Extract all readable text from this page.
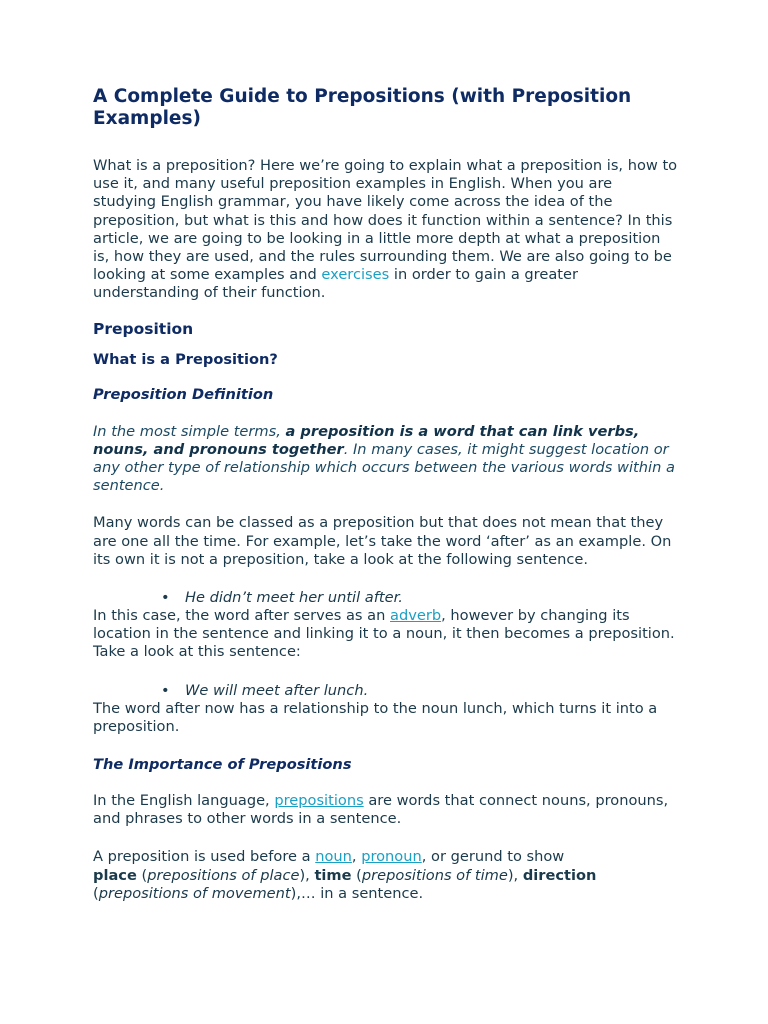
A Complete Guide to Prepositions (with Preposition Examples)

What is a preposition? Here we’re going to explain what a preposition is, how to use it, and many useful preposition examples in English. When you are studying English grammar, you have likely come across the idea of the preposition, but what is this and how does it function within a sentence? In this article, we are going to be looking in a little more depth at what a preposition is, how they are used, and the rules surrounding them. We are also going to be looking at some examples and exercises in order to gain a greater understanding of their function.

Preposition
What is a Preposition?
Preposition Definition

In the most simple terms, a preposition is a word that can link verbs, nouns, and pronouns together. In many cases, it might suggest location or any other type of relationship which occurs between the various words within a sentence.

Many words can be classed as a preposition but that does not mean that they are one all the time. For example, let’s take the word ‘after’ as an example. On its own it is not a preposition, take a look at the following sentence.

• He didn’t meet her until after.

In this case, the word after serves as an adverb, however by changing its location in the sentence and linking it to a noun, it then becomes a preposition. Take a look at this sentence:

• We will meet after lunch.

The word after now has a relationship to the noun lunch, which turns it into a preposition.

The Importance of Prepositions

In the English language, prepositions are words that connect nouns, pronouns, and phrases to other words in a sentence.

A preposition is used before a noun, pronoun, or gerund to show
place (prepositions of place), time (prepositions of time), direction (prepositions of movement),… in a sentence.
